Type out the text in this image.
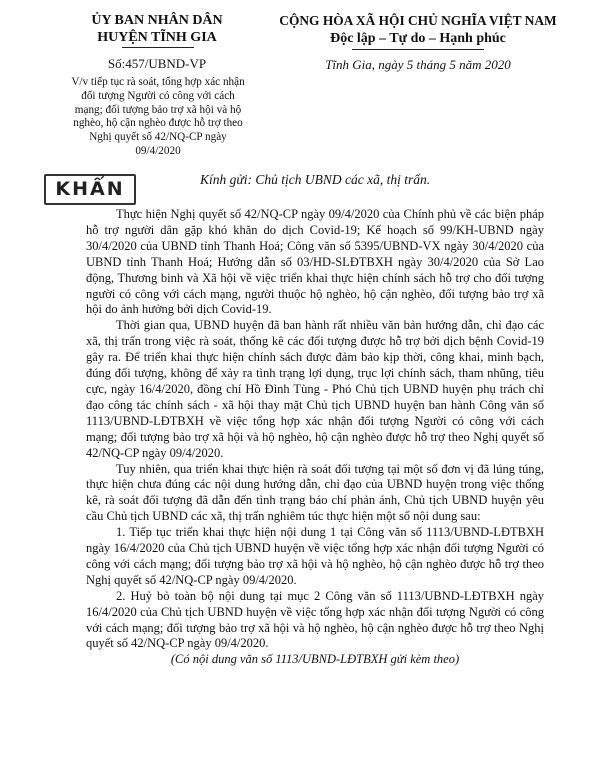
ỦY BAN NHÂN DÂN
HUYỆN TĨNH GIA
Số:457/UBND-VP
CỘNG HÒA XÃ HỘI CHỦ NGHĨA VIỆT NAM
Độc lập – Tự do – Hạnh phúc
Tĩnh Gia, ngày 5 tháng 5 năm 2020
V/v tiếp tục rà soát, tổng hợp xác nhận
đối tượng Người có công với cách
mạng; đối tượng bảo trợ xã hội và hộ
nghèo, hộ cận nghèo được hỗ trợ theo
Nghị quyết số 42/NQ-CP ngày
09/4/2020
KHẨN	Kính gửi: Chủ tịch UBND các xã, thị trấn.

Thực hiện Nghị quyết số 42/NQ-CP ngày 09/4/2020 của Chính phủ về các biện pháp hỗ trợ người dân gặp khó khăn do dịch Covid-19; Kế hoạch số 99/KH-UBND ngày 30/4/2020 của UBND tỉnh Thanh Hoá; Công văn số 5395/UBND-VX ngày 30/4/2020 của UBND tỉnh Thanh Hoá; Hướng dẫn số 03/HD-SLĐTBXH ngày 30/4/2020 của Sở Lao động, Thương binh và Xã hội về việc triển khai thực hiện chính sách hỗ trợ cho đối tượng người có công với cách mạng, người thuộc hộ nghèo, hộ cận nghèo, đối tượng bảo trợ xã hội do ảnh hưởng bởi dịch Covid-19.

Thời gian qua, UBND huyện đã ban hành rất nhiều văn bản hướng dẫn, chỉ đạo các xã, thị trấn trong việc rà soát, thống kê các đối tượng được hỗ trợ bởi dịch bệnh Covid-19 gây ra. Để triển khai thực hiện chính sách được đảm bảo kịp thời, công khai, minh bạch, đúng đối tượng, không để xảy ra tình trạng lợi dụng, trục lợi chính sách, tham nhũng, tiêu cực, ngày 16/4/2020, đồng chí Hồ Đình Tùng - Phó Chủ tịch UBND huyện phụ trách chỉ đạo công tác chính sách - xã hội thay mặt Chủ tịch UBND huyện ban hành Công văn số 1113/UBND-LĐTBXH về việc tổng hợp xác nhận đối tượng Người có công với cách mạng; đối tượng bảo trợ xã hội và hộ nghèo, hộ cận nghèo được hỗ trợ theo Nghị quyết số 42/NQ-CP ngày 09/4/2020.

Tuy nhiên, qua triển khai thực hiện rà soát đối tượng tại một số đơn vị đã lúng túng, thực hiện chưa đúng các nội dung hướng dẫn, chỉ đạo của UBND huyện trong việc thống kê, rà soát đối tượng đã dẫn đến tình trạng báo chí phản ánh, Chủ tịch UBND huyện yêu cầu Chủ tịch UBND các xã, thị trấn nghiêm túc thực hiện một số nội dung sau:

1. Tiếp tục triển khai thực hiện nội dung 1 tại Công văn số 1113/UBND-LĐTBXH ngày 16/4/2020 của Chủ tịch UBND huyện về việc tổng hợp xác nhận đối tượng Người có công với cách mạng; đối tượng bảo trợ xã hội và hộ nghèo, hộ cận nghèo được hỗ trợ theo Nghị quyết số 42/NQ-CP ngày 09/4/2020.

2. Huỷ bỏ toàn bộ nội dung tại mục 2 Công văn số 1113/UBND-LĐTBXH ngày 16/4/2020 của Chủ tịch UBND huyện về việc tổng hợp xác nhận đối tượng Người có công với cách mạng; đối tượng bảo trợ xã hội và hộ nghèo, hộ cận nghèo được hỗ trợ theo Nghị quyết số 42/NQ-CP ngày 09/4/2020.

(Có nội dung văn số 1113/UBND-LĐTBXH gửi kèm theo)
